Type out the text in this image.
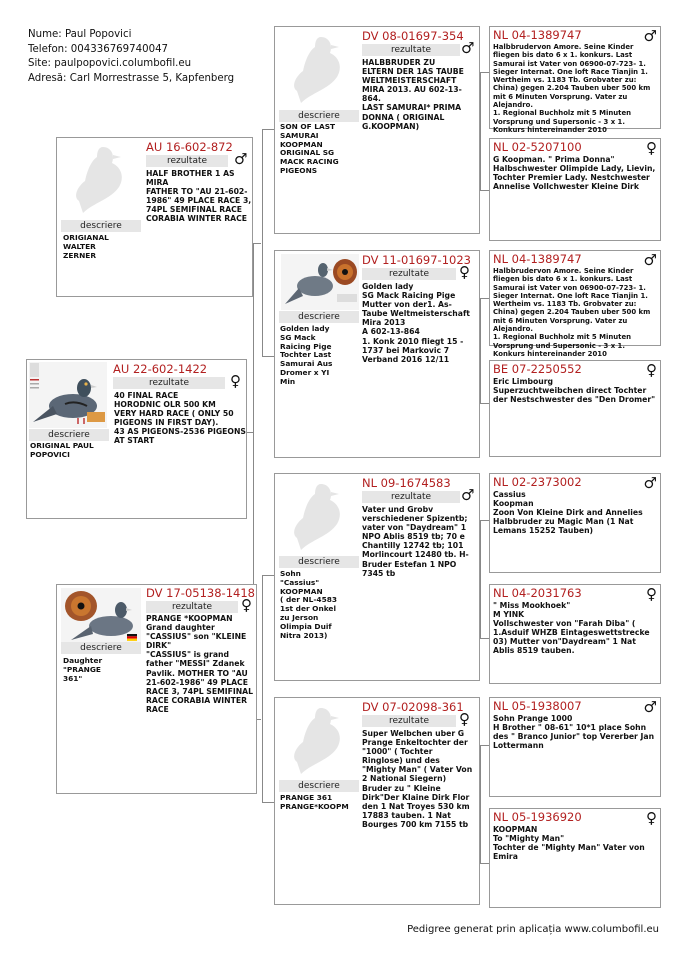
Nume: Paul Popovici
Telefon: 004336769740047
Site: paulpopovici.columbofil.eu
Adresă: Carl Morrestrasse 5, Kapfenberg
descriere
ORIGINAL PAUL
POPOVICI
AU 22-602-1422
rezultate	♀
40 FINAL RACE
HORODNIC OLR 500 KM
VERY HARD RACE ( ONLY 50 PIGEONS IN FIRST DAY).
43 AS PIGEONS-2536 PIGEONS AT START
descriere
ORIGIANAL
WALTER
ZERNER
AU 16-602-872
rezultate	♂
HALF BROTHER 1 AS MIRA
FATHER TO "AU 21-602-1986" 49 PLACE RACE 3, 74PL SEMIFINAL RACE CORABIA WINTER RACE
descriere
Daughter
"PRANGE
361"
DV 17-05138-1418
rezultate	♀
PRANGE *KOOPMAN Grand daughter "CASSIUS" son "KLEINE DIRK"
"CASSIUS" is grand father "MESSI" Zdanek Pavlik. MOTHER TO "AU 21-602-1986" 49 PLACE RACE 3, 74PL SEMIFINAL RACE CORABIA WINTER RACE
descriere
SON OF LAST
SAMURAI
KOOPMAN
ORIGINAL SG
MACK RACING
PIGEONS
DV 08-01697-354
rezultate	♂
HALBBRUDER ZU ELTERN DER 1AS TAUBE WELTMEISTERSCHAFT MIRA 2013. AU 602-13-864.
LAST SAMURAI* PRIMA DONNA ( ORIGINAL G.KOOPMAN)
descriere
Golden lady
SG Mack
Raicing Pige
Tochter Last
Samurai Aus
Dromer x YI
Min
DV 11-01697-1023
rezultate	♀
Golden lady
SG Mack Raicing Pige Mutter von der1. As-Taube Weltmeisterschaft Mira 2013
A 602-13-864
1. Konk 2010 fliegt 15 - 1737 bei Markovic 7
Verband 2016 12/11
descriere
Sohn
"Cassius"
KOOPMAN
( der NL-4583
1st der Onkel
zu Jerson
Olimpia Duif
Nitra 2013)
NL 09-1674583
rezultate	♂
Vater und Grobv verschiedener Spizentb; vater von "Daydream" 1 NPO Ablis 8519 tb; 70 e Chantilly 12742 tb; 101 Morlincourt 12480 tb. H-Bruder Estefan 1 NPO 7345 tb
descriere
PRANGE 361
PRANGE*KOOPM
DV 07-02098-361
rezultate	♀
Super Welbchen uber G Prange Enkeltochter der "1000" ( Tochter Ringlose) und des "Mighty Man" ( Vater Von 2 National Siegern) Bruder zu " Kleine Dirk"Der Klaine Dirk Flor den 1 Nat Troyes 530 km 17883 tauben. 1 Nat Bourges 700 km 7155 tb
NL 04-1389747	♂
Halbbrudervon Amore. Seine Kinder fliegen bis dato 6 x 1. konkurs. Last Samurai ist Vater von 06900-07-723- 1. Sieger Internat. One loft Race Tianjin 1. Wertheim vs. 1183 Tb. Grobvater zu: China) gegen 2.204 Tauben uber 500 km mit 6 Minuten Vorsprung. Vater zu Alejandro.
1. Regional Buchholz mit 5 Minuten Vorsprung und Supersonic - 3 x 1. Konkurs hintereinander 2010
NL 02-5207100	♀
G Koopman. " Prima Donna" Halbschwester Olimpide Lady, Lievin, Tochter Premier Lady. Nestchwester Annelise Vollchwester Kleine Dirk
NL 04-1389747	♂
Halbbrudervon Amore. Seine Kinder fliegen bis dato 6 x 1. konkurs. Last Samurai ist Vater von 06900-07-723- 1. Sieger Internat. One loft Race Tianjin 1. Wertheim vs. 1183 Tb. Grobvater zu: China) gegen 2.204 Tauben uber 500 km mit 6 Minuten Vorsprung. Vater zu Alejandro.
1. Regional Buchholz mit 5 Minuten Vorsprung und Supersonic - 3 x 1. Konkurs hintereinander 2010
BE 07-2250552	♀
Eric Limbourg
Superzuchtweibchen direct Tochter der Nestschwester des "Den Dromer"
NL 02-2373002	♂
Cassius
Koopman
Zoon Von Kleine Dirk and Annelies Halbbruder zu Magic Man (1 Nat Lemans 15252 Tauben)
NL 04-2031763	♀
" Miss Mookhoek"
M YINK
Vollschwester von "Farah Diba" ( 1.Asduif WHZB Eintageswettstrecke 03) Mutter von"Daydream" 1 Nat Ablis 8519 tauben.
NL 05-1938007	♂
Sohn Prange 1000
H Brother " 08-61" 10*1 place Sohn des " Branco Junior" top Vererber Jan Lottermann
NL 05-1936920	♀
KOOPMAN
To "Mighty Man"
Tochter de "Mighty Man" Vater von Emira
Pedigree generat prin aplicația www.columbofil.eu
